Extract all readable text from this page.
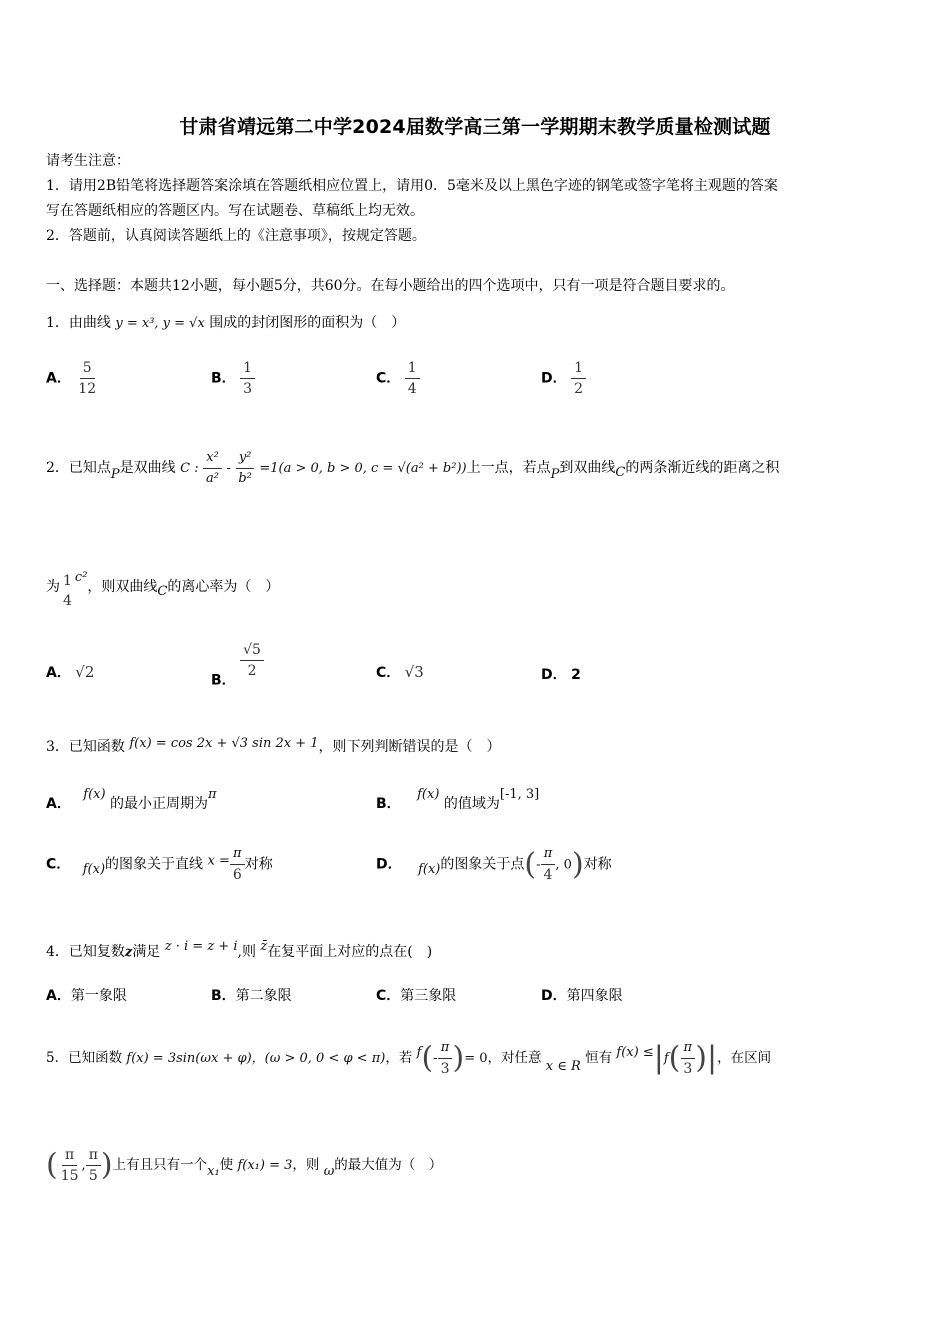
甘肃省靖远第二中学2024届数学高三第一学期期末教学质量检测试题
请考生注意：
1．请用2B铅笔将选择题答案涂填在答题纸相应位置上，请用0．5毫米及以上黑色字迹的钢笔或签字笔将主观题的答案
写在答题纸相应的答题区内。写在试题卷、草稿纸上均无效。
2．答题前，认真阅读答题纸上的《注意事项》，按规定答题。
一、选择题：本题共12小题，每小题5分，共60分。在每小题给出的四个选项中，只有一项是符合题目要求的。
1．由曲线 y = x³, y = √x 围成的封闭图形的面积为（　）
A． $\frac{5}{12}$	B． $\frac{1}{3}$	C． $\frac{1}{4}$	D． $\frac{1}{2}$
2．已知点P是双曲线 C : $\frac{\text{x²}}{\text{a²}} - \frac{\text{y²}}{\text{b²}} =1(a > 0$, b > 0, c = √(a² + b²))上一点，若点P到双曲线C的两条渐近线的距离之积
为 1
4
c²，则双曲线C的离心率为（　）
A． √2	B．
$\frac{√5}{2}$	C． √3	D． 2
3．已知函数 f(x) = cos 2x + √3 sin 2x + 1，则下列判断错误的是（　）
A． f(x) 的最小正周期为π
B． f(x) 的值域为[-1, 3]
C． f(x)的图象关于直线 $x = \frac{\pi}{6}$ 对称	D． f(x)的图象关于点(- $\frac{\pi}{4}$ , 0)对称
4．已知复数z满足 z · i = z + i,则 z̄在复平面上对应的点在(　)
A．第一象限	B．第二象限	C．第三象限	D．第四象限
5．已知函数 f(x) = 3sin(ωx + φ)，(ω > 0, 0 < φ < π)，若 $f(- \frac{\pi}{3}$ )= 0，对任意 x ∈ R 恒有 $f(x) \le|f( \frac{\pi}{3}$ )|，在区间
( $\frac{\pi}{15}$ , $\frac{\pi}{5}$ )上有且只有一个x₁使 f(x₁) = 3，则 ω的最大值为（　）
